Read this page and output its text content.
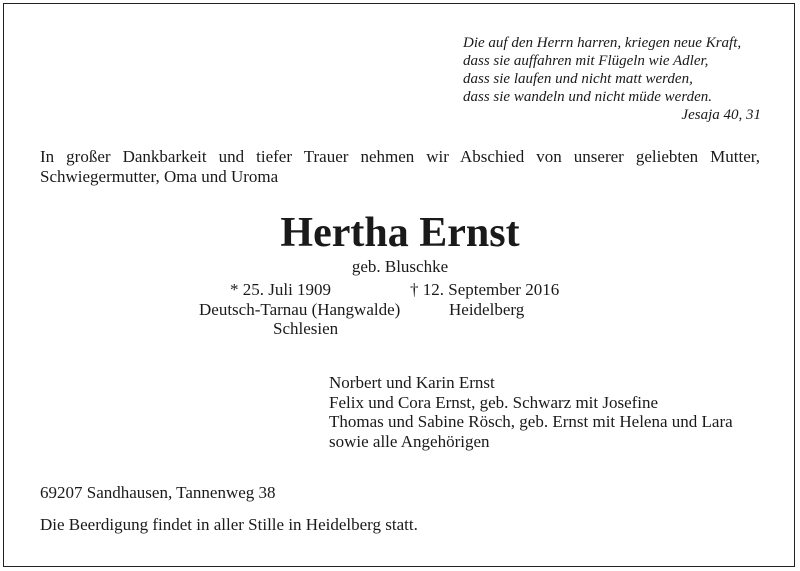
Die auf den Herrn harren, kriegen neue Kraft,
dass sie auffahren mit Flügeln wie Adler,
dass sie laufen und nicht matt werden,
dass sie wandeln und nicht müde werden.
Jesaja 40, 31
In großer Dankbarkeit und tiefer Trauer nehmen wir Abschied von unserer geliebten Mutter,
Schwiegermutter, Oma und Uroma
Hertha Ernst
geb. Bluschke
* 25. Juli 1909
Deutsch-Tarnau (Hangwalde)
Schlesien
† 12. September 2016
Heidelberg
Norbert und Karin Ernst
Felix und Cora Ernst, geb. Schwarz mit Josefine
Thomas und Sabine Rösch, geb. Ernst mit Helena und Lara
sowie alle Angehörigen
69207 Sandhausen, Tannenweg 38
Die Beerdigung findet in aller Stille in Heidelberg statt.
